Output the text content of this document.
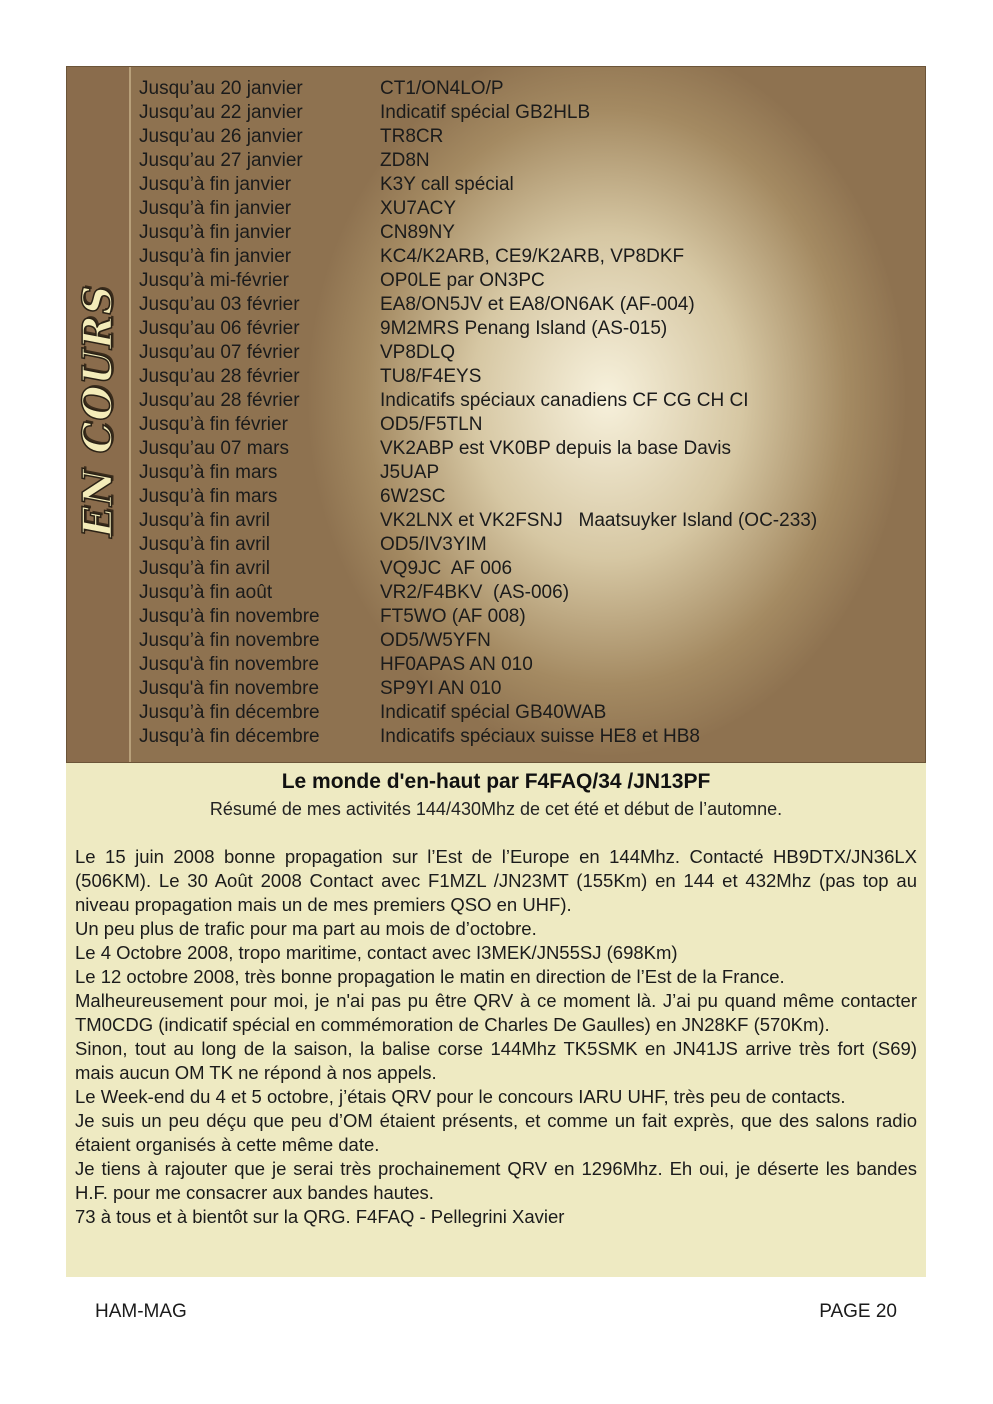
EN COURS
Jusqu’au 20 janvier	CT1/ON4LO/P
Jusqu’au 22 janvier	Indicatif spécial GB2HLB
Jusqu’au 26 janvier	TR8CR
Jusqu’au 27 janvier	ZD8N
Jusqu’à fin janvier	K3Y call spécial
Jusqu’à fin janvier	XU7ACY
Jusqu’à fin janvier	CN89NY
Jusqu’à fin janvier	KC4/K2ARB, CE9/K2ARB, VP8DKF
Jusqu’à mi-février	OP0LE par ON3PC
Jusqu’au 03 février	EA8/ON5JV et EA8/ON6AK (AF-004)
Jusqu’au 06 février	9M2MRS Penang Island (AS-015)
Jusqu’au 07 février	VP8DLQ
Jusqu’au 28 février	TU8/F4EYS
Jusqu’au 28 février	Indicatifs spéciaux canadiens CF CG CH CI
Jusqu’à fin février	OD5/F5TLN
Jusqu’au 07 mars	VK2ABP est VK0BP depuis la base Davis
Jusqu’à fin mars	J5UAP
Jusqu’à fin mars	6W2SC
Jusqu’à fin avril	VK2LNX et VK2FSNJ   Maatsuyker Island (OC-233)
Jusqu’à fin avril	OD5/IV3YIM
Jusqu’à fin avril	VQ9JC  AF 006
Jusqu’à fin août	VR2/F4BKV  (AS-006)
Jusqu’à fin novembre	FT5WO (AF 008)
Jusqu’à fin novembre	OD5/W5YFN
Jusqu'à fin novembre	HF0APAS AN 010
Jusqu'à fin novembre	SP9YI AN 010
Jusqu’à fin décembre	Indicatif spécial GB40WAB
Jusqu’à fin décembre	Indicatifs spéciaux suisse HE8 et HB8
Le monde d'en-haut par F4FAQ/34 /JN13PF

Résumé de mes activités 144/430Mhz de cet été et début de l’automne.

Le 15 juin 2008 bonne propagation sur l’Est de l’Europe en 144Mhz. Contacté HB9DTX/JN36LX (506KM). Le 30 Août 2008 Contact avec F1MZL /JN23MT (155Km) en 144 et 432Mhz (pas top au niveau propagation mais un de mes premiers QSO en UHF).

Un peu plus de trafic pour ma part au mois de d’octobre.

Le 4 Octobre 2008, tropo maritime, contact avec I3MEK/JN55SJ (698Km)

Le 12 octobre 2008, très bonne propagation le matin en direction de l’Est de la France.

Malheureusement pour moi, je n'ai pas pu être QRV à ce moment là. J’ai pu quand même contacter TM0CDG (indicatif spécial en commémoration de Charles De Gaulles) en JN28KF (570Km).

Sinon, tout au long de la saison, la balise corse 144Mhz TK5SMK en JN41JS arrive très fort (S69) mais aucun OM TK ne répond à nos appels.

Le Week-end du 4 et 5 octobre, j’étais QRV pour le concours IARU UHF, très peu de contacts.

Je suis un peu déçu que peu d’OM étaient présents, et comme un fait exprès, que des salons radio étaient organisés à cette même date.

Je tiens à rajouter que je serai très prochainement QRV en 1296Mhz. Eh oui, je déserte les bandes H.F. pour me consacrer aux bandes hautes.

73 à tous et à bientôt sur la QRG. F4FAQ - Pellegrini Xavier

HAM-MAG	PAGE 20
